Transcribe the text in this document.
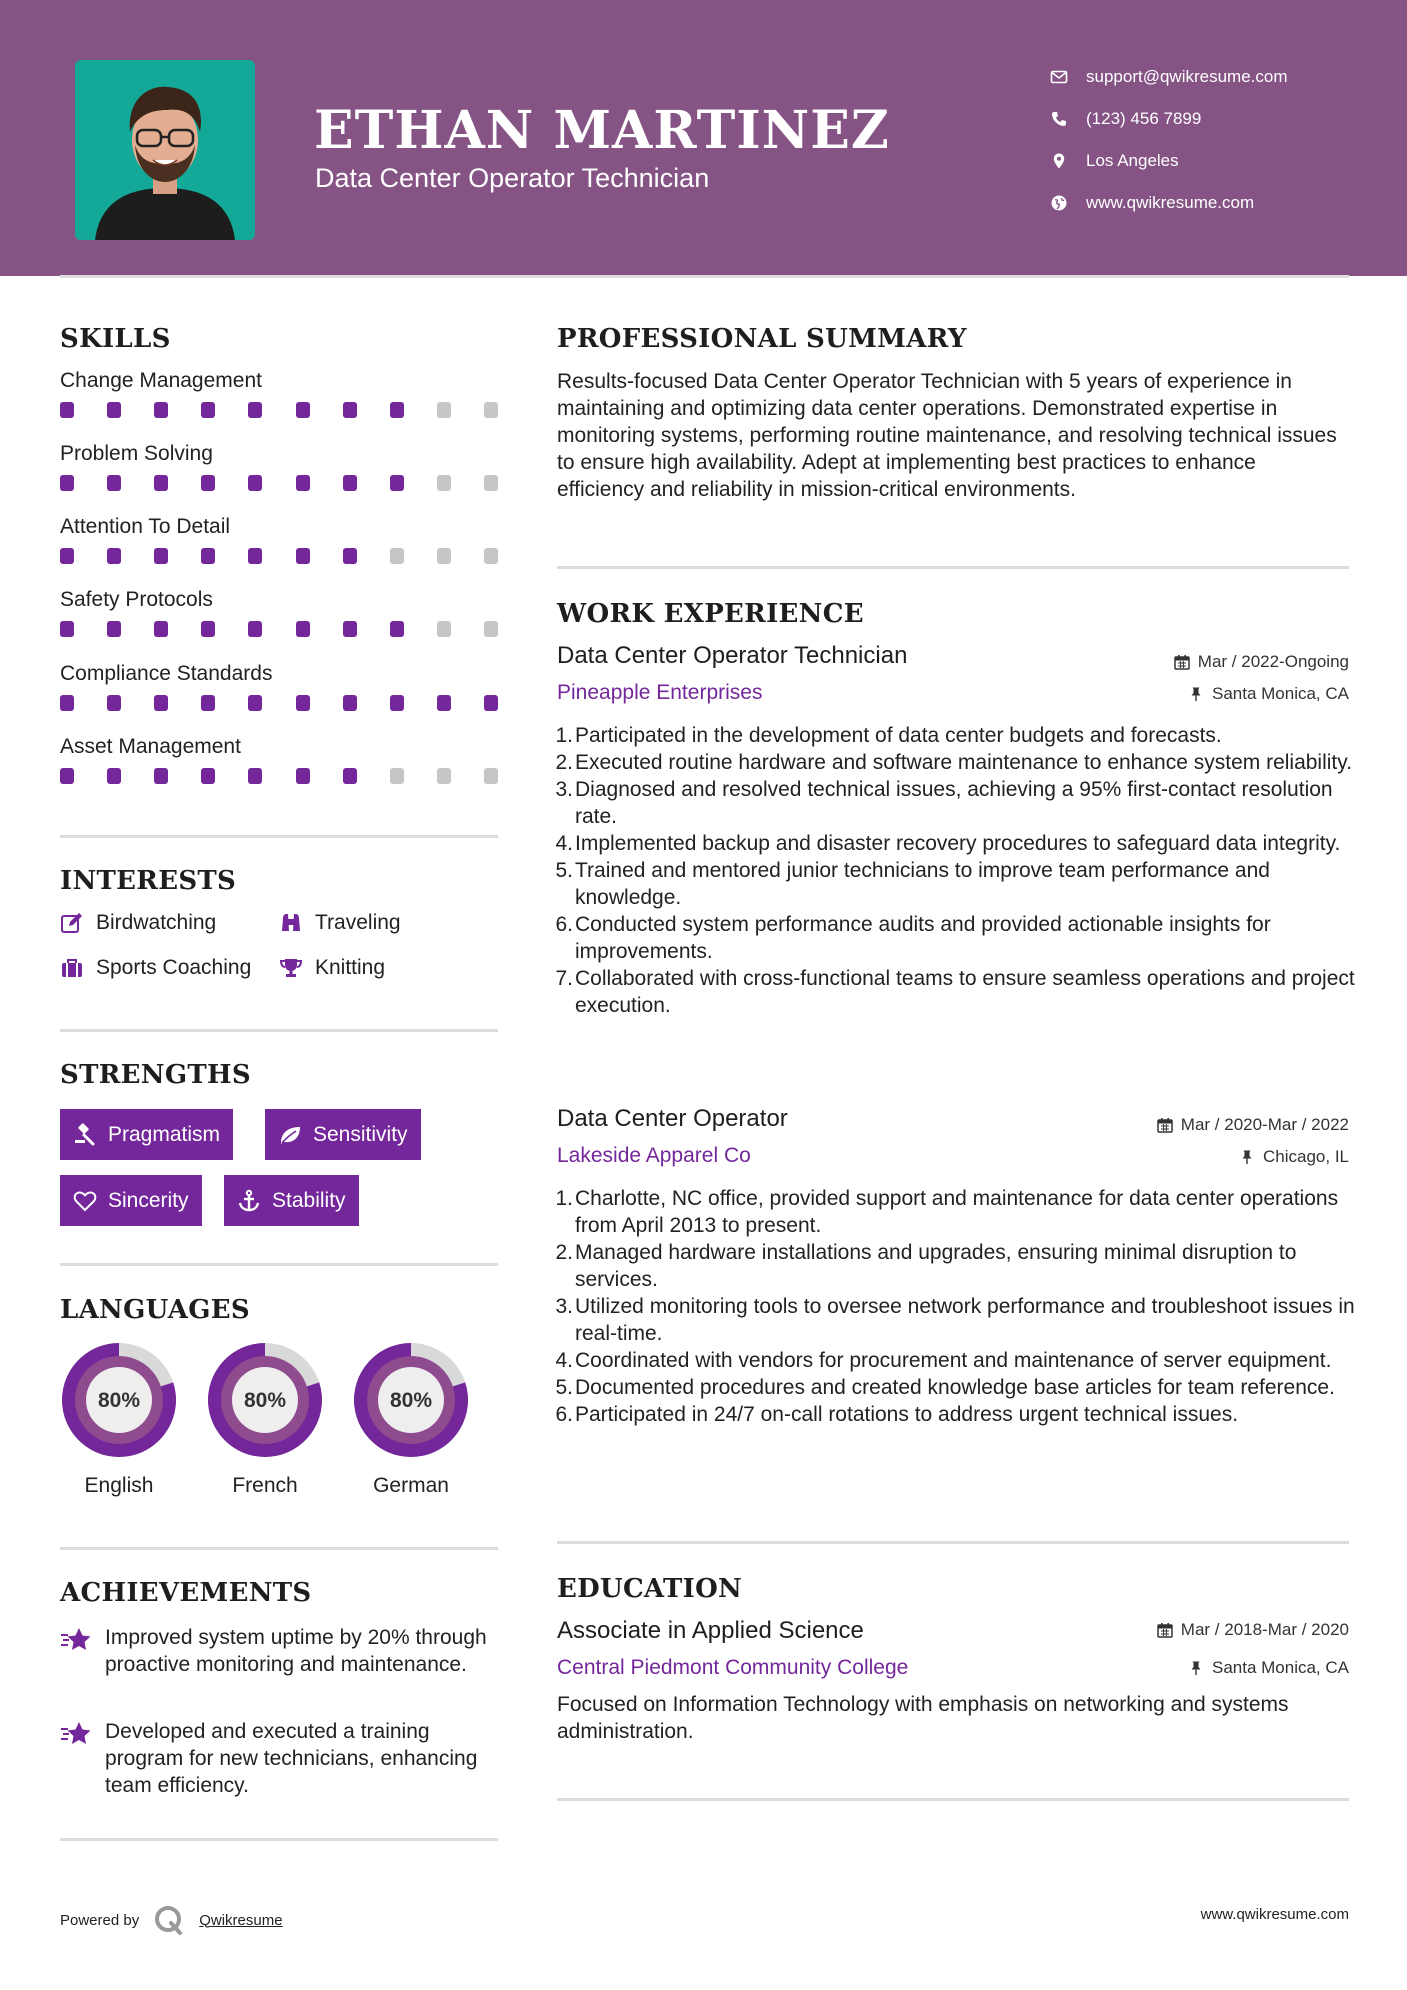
ETHAN MARTINEZ
Data Center Operator Technician
support@qwikresume.com
(123) 456 7899
Los Angeles
www.qwikresume.com
SKILLS
Change Management
Problem Solving
Attention To Detail
Safety Protocols
Compliance Standards
Asset Management
INTERESTS
Birdwatching	Traveling
Sports Coaching	Knitting
STRENGTHS
Pragmatism	Sensitivity
Sincerity	Stability
LANGUAGES
80%
English
80%
French
80%
German
ACHIEVEMENTS
Improved system uptime by 20% through proactive monitoring and maintenance.
Developed and executed a training program for new technicians, enhancing team efficiency.
PROFESSIONAL SUMMARY
Results-focused Data Center Operator Technician with 5 years of experience in maintaining and optimizing data center operations. Demonstrated expertise in monitoring systems, performing routine maintenance, and resolving technical issues to ensure high availability. Adept at implementing best practices to enhance efficiency and reliability in mission-critical environments.
WORK EXPERIENCE
Data Center Operator Technician	Mar / 2022-Ongoing
Pineapple Enterprises	Santa Monica, CA
1. Participated in the development of data center budgets and forecasts.
2. Executed routine hardware and software maintenance to enhance system reliability.
3. Diagnosed and resolved technical issues, achieving a 95% first-contact resolution rate.
4. Implemented backup and disaster recovery procedures to safeguard data integrity.
5. Trained and mentored junior technicians to improve team performance and knowledge.
6. Conducted system performance audits and provided actionable insights for improvements.
7. Collaborated with cross-functional teams to ensure seamless operations and project execution.
Data Center Operator	Mar / 2020-Mar / 2022
Lakeside Apparel Co	Chicago, IL
1. Charlotte, NC office, provided support and maintenance for data center operations from April 2013 to present.
2. Managed hardware installations and upgrades, ensuring minimal disruption to services.
3. Utilized monitoring tools to oversee network performance and troubleshoot issues in real-time.
4. Coordinated with vendors for procurement and maintenance of server equipment.
5. Documented procedures and created knowledge base articles for team reference.
6. Participated in 24/7 on-call rotations to address urgent technical issues.
EDUCATION
Associate in Applied Science	Mar / 2018-Mar / 2020
Central Piedmont Community College	Santa Monica, CA
Focused on Information Technology with emphasis on networking and systems administration.
Powered by	Qwikresume	www.qwikresume.com
